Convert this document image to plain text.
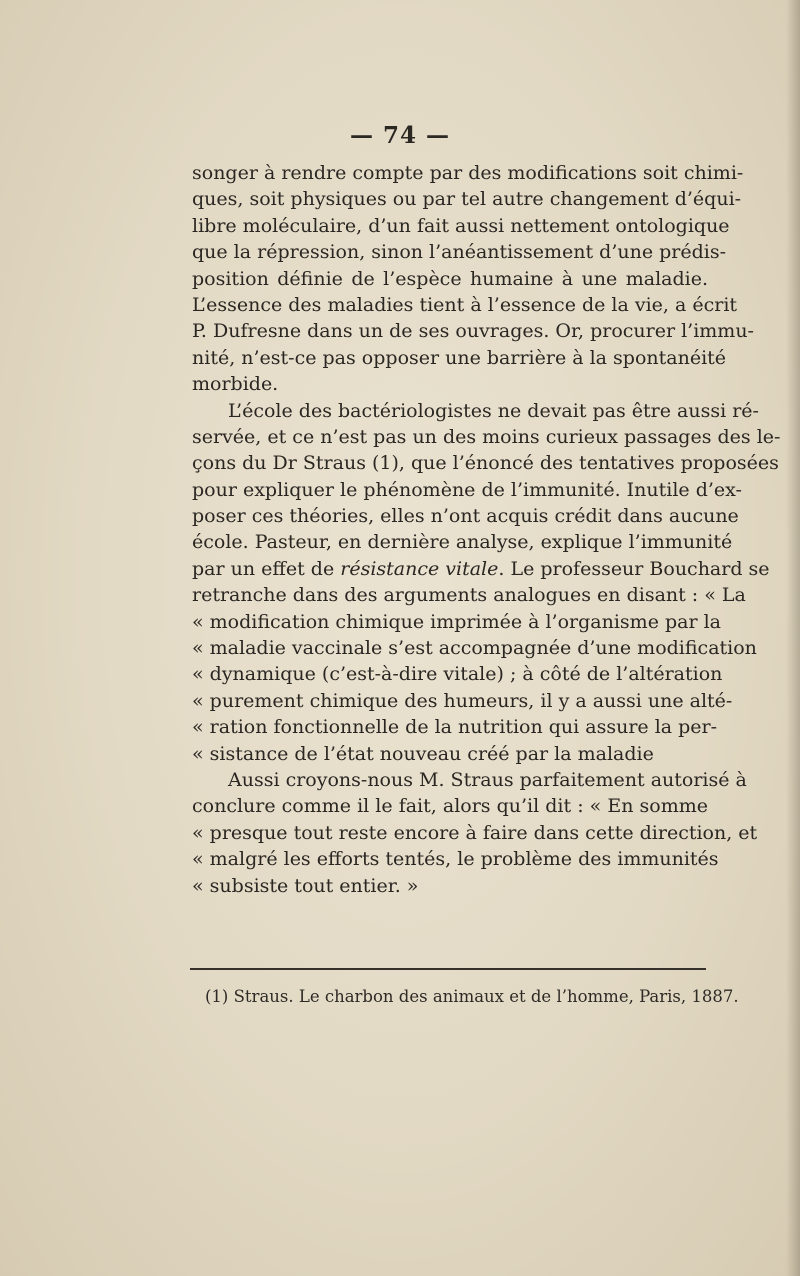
— 74 —
songer à rendre compte par des modifications soit chimi-
ques, soit physiques ou par tel autre changement d’équi-
libre moléculaire, d’un fait aussi nettement ontologique
que la répression, sinon l’anéantissement d’une prédis-
position définie de l’espèce humaine à une maladie.
L’essence des maladies tient à l’essence de la vie, a écrit
P. Dufresne dans un de ses ouvrages. Or, procurer l’immu-
nité, n’est-ce pas opposer une barrière à la spontanéité
morbide.
L’école des bactériologistes ne devait pas être aussi ré-
servée, et ce n’est pas un des moins curieux passages des le-
çons du Dr Straus (1), que l’énoncé des tentatives proposées
pour expliquer le phénomène de l’immunité. Inutile d’ex-
poser ces théories, elles n’ont acquis crédit dans aucune
école. Pasteur, en dernière analyse, explique l’immunité
par un effet de résistance vitale. Le professeur Bouchard se
retranche dans des arguments analogues en disant : « La
« modification chimique imprimée à l’organisme par la
« maladie vaccinale s’est accompagnée d’une modification
« dynamique (c’est-à-dire vitale) ; à côté de l’altération
« purement chimique des humeurs, il y a aussi une alté-
« ration fonctionnelle de la nutrition qui assure la per-
« sistance de l’état nouveau créé par la maladie
Aussi croyons-nous M. Straus parfaitement autorisé à
conclure comme il le fait, alors qu’il dit : « En somme
« presque tout reste encore à faire dans cette direction, et
« malgré les efforts tentés, le problème des immunités
« subsiste tout entier. »
(1) Straus. Le charbon des animaux et de l’homme, Paris, 1887.
